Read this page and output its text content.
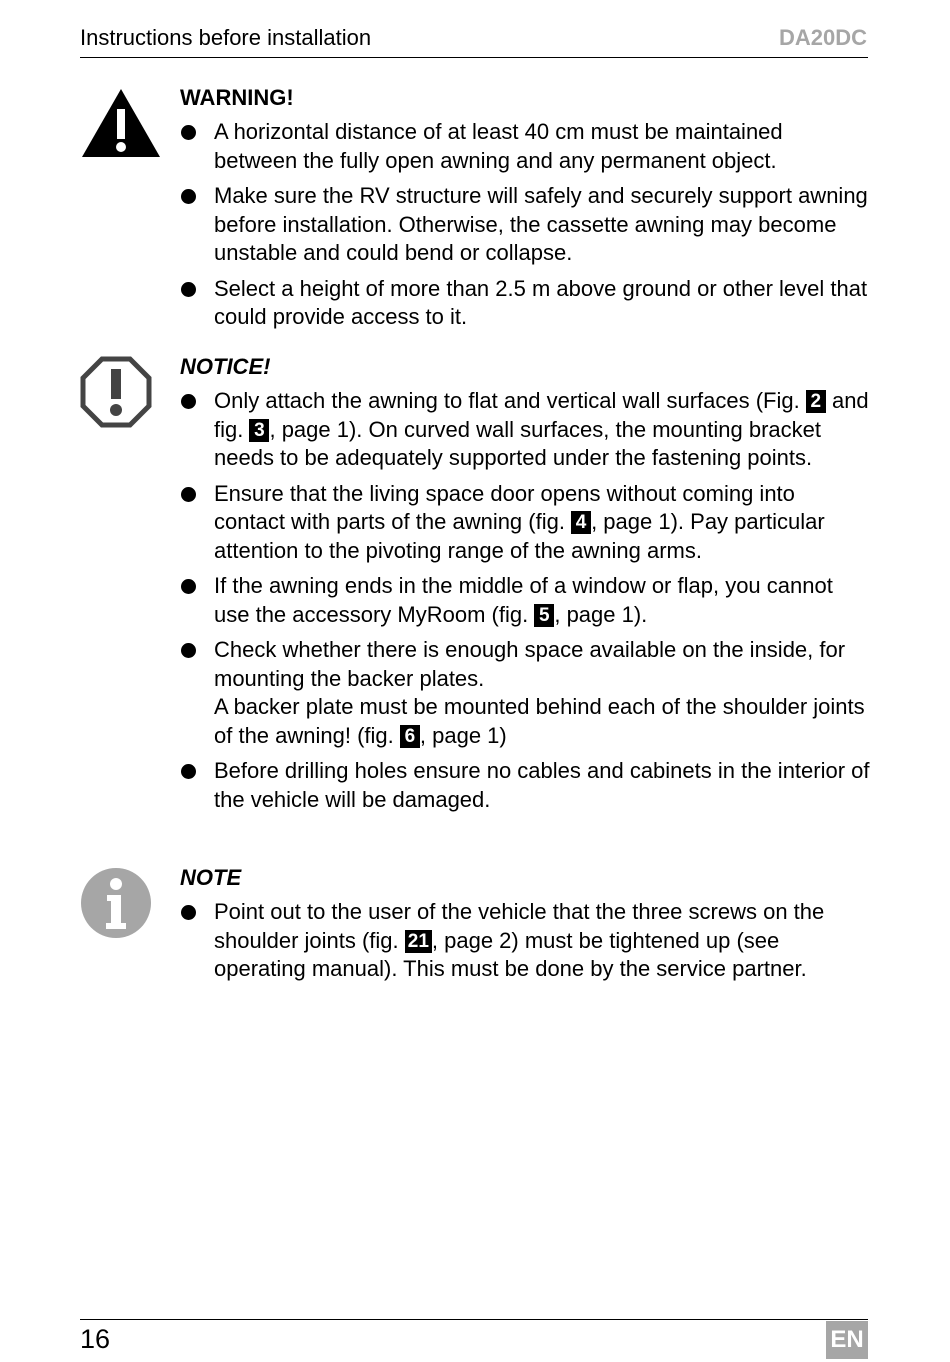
Instructions before installation	DA20DC
WARNING!
A horizontal distance of at least 40 cm must be maintained between the fully open awning and any permanent object.
Make sure the RV structure will safely and securely support awning before installation. Otherwise, the cassette awning may become unstable and could bend or collapse.
Select a height of more than 2.5 m above ground or other level that could provide access to it.
NOTICE!
Only attach the awning to flat and vertical wall surfaces (Fig. 2 and fig. 3 , page 1). On curved wall surfaces, the mounting bracket needs to be adequately supported under the fastening points.
Ensure that the living space door opens without coming into contact with parts of the awning (fig. 4 , page 1). Pay particular attention to the pivoting range of the awning arms.
If the awning ends in the middle of a window or flap, you cannot use the accessory MyRoom (fig. 5 , page 1).
Check whether there is enough space available on the inside, for mounting the backer plates.
A backer plate must be mounted behind each of the shoulder joints of the awning! (fig. 6 , page 1)
Before drilling holes ensure no cables and cabinets in the interior of the vehicle will be damaged.
NOTE
Point out to the user of the vehicle that the three screws on the shoulder joints (fig. 21 , page 2) must be tightened up (see operating manual). This must be done by the service partner.
16	EN
